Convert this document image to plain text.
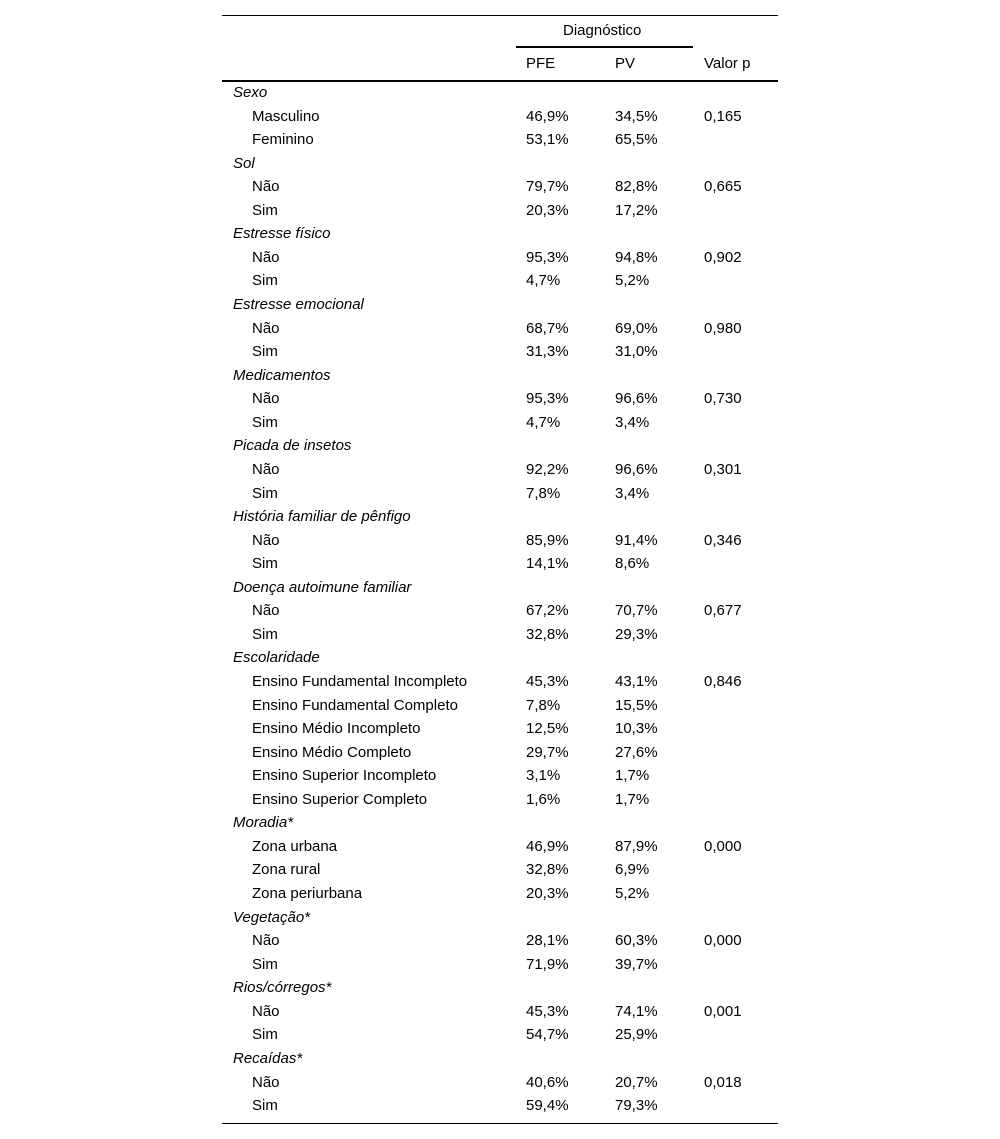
Diagnóstico
PFE	PV	Valor p
Sexo
Masculino	46,9%	34,5%	0,165
Feminino	53,1%	65,5%
Sol
Não	79,7%	82,8%	0,665
Sim	20,3%	17,2%
Estresse físico
Não	95,3%	94,8%	0,902
Sim	4,7%	5,2%
Estresse emocional
Não	68,7%	69,0%	0,980
Sim	31,3%	31,0%
Medicamentos
Não	95,3%	96,6%	0,730
Sim	4,7%	3,4%
Picada de insetos
Não	92,2%	96,6%	0,301
Sim	7,8%	3,4%
História familiar de pênfigo
Não	85,9%	91,4%	0,346
Sim	14,1%	8,6%
Doença autoimune familiar
Não	67,2%	70,7%	0,677
Sim	32,8%	29,3%
Escolaridade
Ensino Fundamental Incompleto	45,3%	43,1%	0,846
Ensino Fundamental Completo	7,8%	15,5%
Ensino Médio Incompleto	12,5%	10,3%
Ensino Médio Completo	29,7%	27,6%
Ensino Superior Incompleto	3,1%	1,7%
Ensino Superior Completo	1,6%	1,7%
Moradia*
Zona urbana	46,9%	87,9%	0,000
Zona rural	32,8%	6,9%
Zona periurbana	20,3%	5,2%
Vegetação*
Não	28,1%	60,3%	0,000
Sim	71,9%	39,7%
Rios/córregos*
Não	45,3%	74,1%	0,001
Sim	54,7%	25,9%
Recaídas*
Não	40,6%	20,7%	0,018
Sim	59,4%	79,3%
